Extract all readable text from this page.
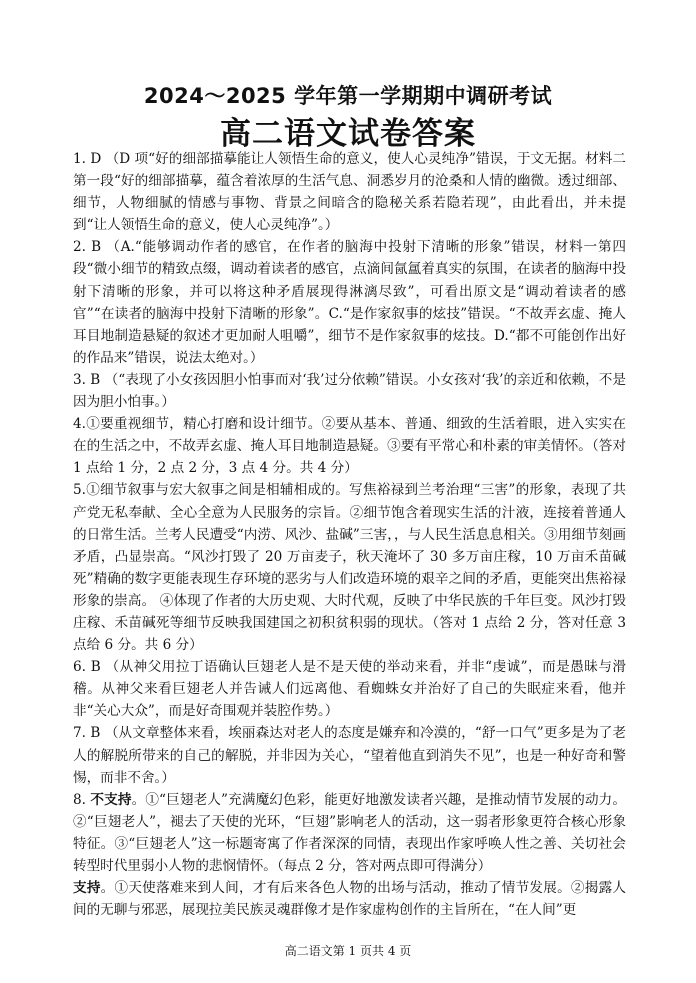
2024～2025 学年第一学期期中调研考试
高二语文试卷答案

1. D （D 项“好的细部描摹能让人领悟生命的意义，使人心灵纯净”错误，于文无据。材料二第一段“好的细部描摹，蕴含着浓厚的生活气息、洞悉岁月的沧桑和人情的幽微。透过细部、细节，人物细腻的情感与事物、背景之间暗含的隐秘关系若隐若现”，由此看出，并未提到“让人领悟生命的意义，使人心灵纯净”。）

2. B （A.“能够调动作者的感官，在作者的脑海中投射下清晰的形象”错误，材料一第四段“微小细节的精致点缀，调动着读者的感官，点滴间氤氲着真实的氛围，在读者的脑海中投射下清晰的形象，并可以将这种矛盾展现得淋漓尽致”，可看出原文是“调动着读者的感官”“在读者的脑海中投射下清晰的形象”。C.“是作家叙事的炫技”错误。“不故弄玄虚、掩人耳目地制造悬疑的叙述才更加耐人咀嚼”，细节不是作家叙事的炫技。D.“都不可能创作出好的作品来”错误，说法太绝对。）

3. B （“表现了小女孩因胆小怕事而对‘我’过分依赖”错误。小女孩对‘我’的亲近和依赖，不是因为胆小怕事。）

4.①要重视细节，精心打磨和设计细节。②要从基本、普通、细致的生活着眼，进入实实在在的生活之中，不故弄玄虚、掩人耳目地制造悬疑。③要有平常心和朴素的审美情怀。（答对 1 点给 1 分，2 点 2 分，3 点 4 分。共 4 分）

5.①细节叙事与宏大叙事之间是相辅相成的。写焦裕禄到兰考治理“三害”的形象，表现了共产党无私奉献、全心全意为人民服务的宗旨。②细节饱含着现实生活的汁液，连接着普通人的日常生活。兰考人民遭受“内涝、风沙、盐碱”三害，，与人民生活息息相关。③用细节刻画矛盾，凸显崇高。“风沙打毁了 20 万亩麦子，秋天淹坏了 30 多万亩庄稼，10 万亩禾苗碱死”精确的数字更能表现生存环境的恶劣与人们改造环境的艰辛之间的矛盾，更能突出焦裕禄形象的崇高。 ④体现了作者的大历史观、大时代观，反映了中华民族的千年巨变。风沙打毁庄稼、禾苗碱死等细节反映我国建国之初积贫积弱的现状。（答对 1 点给 2 分，答对任意 3 点给 6 分。共 6 分）

6. B （从神父用拉丁语确认巨翅老人是不是天使的举动来看，并非“虔诚”，而是愚昧与滑稽。从神父来看巨翅老人并告诫人们远离他、看蜘蛛女并治好了自己的失眠症来看，他并非“关心大众”，而是好奇围观并装腔作势。）

7. B （从文章整体来看，埃丽森达对老人的态度是嫌弃和冷漠的，“舒一口气”更多是为了老人的解脱所带来的自己的解脱，并非因为关心，“望着他直到消失不见”，也是一种好奇和警惕，而非不舍。）

8. 不支持。①“巨翅老人”充满魔幻色彩，能更好地激发读者兴趣，是推动情节发展的动力。②“巨翅老人”，褪去了天使的光环，“巨翅”影响老人的活动，这一弱者形象更符合核心形象特征。③“巨翅老人”这一标题寄寓了作者深深的同情，表现出作家呼唤人性之善、关切社会转型时代里弱小人物的悲悯情怀。（每点 2 分，答对两点即可得满分）

支持。①天使落难来到人间，才有后来各色人物的出场与活动，推动了情节发展。②揭露人间的无聊与邪恶，展现拉美民族灵魂群像才是作家虚构创作的主旨所在，“在人间”更

高二语文第 1 页共 4 页
